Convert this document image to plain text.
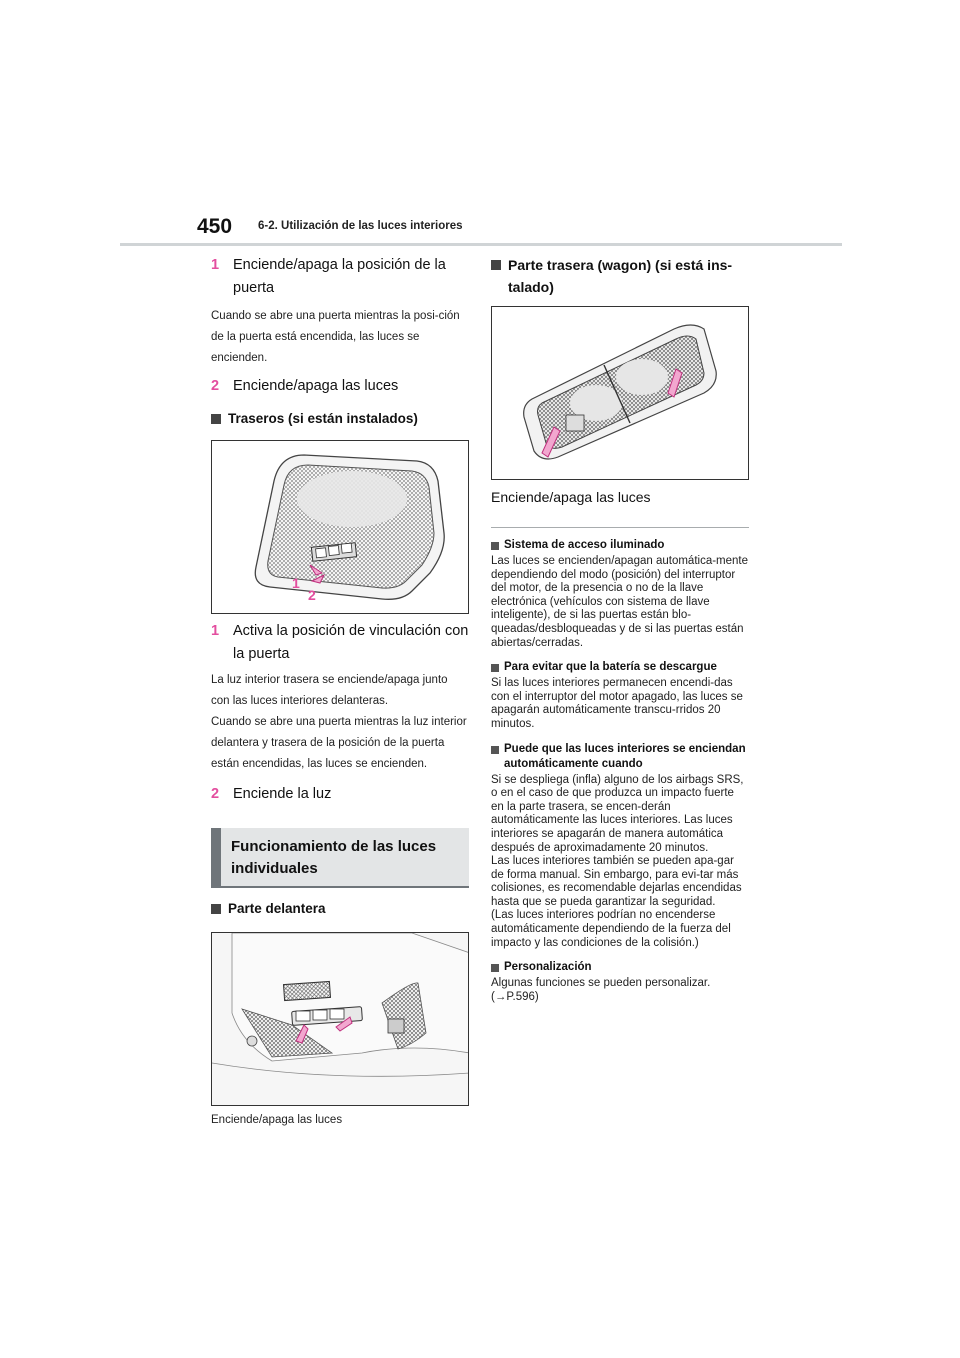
450 6-2. Utilización de las luces interiores
1 Enciende/apaga la posición de la puerta
Cuando se abre una puerta mientras la posi-ción de la puerta está encendida, las luces se encienden.
2 Enciende/apaga las luces
Traseros (si están instalados)
1
2
1 Activa la posición de vinculación con la puerta
La luz interior trasera se enciende/apaga junto con las luces interiores delanteras.
Cuando se abre una puerta mientras la luz interior delantera y trasera de la posición de la puerta están encendidas, las luces se encienden.
2 Enciende la luz
Funcionamiento de las luces individuales
Parte delantera
Enciende/apaga las luces
Parte trasera (wagon) (si está ins-talado)
Enciende/apaga las luces
Sistema de acceso iluminado
Las luces se encienden/apagan automática-mente dependiendo del modo (posición) del interruptor del motor, de la presencia o no de la llave electrónica (vehículos con sistema de llave inteligente), de si las puertas están blo-queadas/desbloqueadas y de si las puertas están abiertas/cerradas.
Para evitar que la batería se descargue
Si las luces interiores permanecen encendi-das con el interruptor del motor apagado, las luces se apagarán automáticamente transcu-rridos 20 minutos.
Puede que las luces interiores se enciendan automáticamente cuando
Si se despliega (infla) alguno de los airbags SRS, o en el caso de que produzca un impacto fuerte en la parte trasera, se encen-derán automáticamente las luces interiores. Las luces interiores se apagarán de manera automática después de aproximadamente 20 minutos.
Las luces interiores también se pueden apa-gar de forma manual. Sin embargo, para evi-tar más colisiones, es recomendable dejarlas encendidas hasta que se pueda garantizar la seguridad.
(Las luces interiores podrían no encenderse automáticamente dependiendo de la fuerza del impacto y las condiciones de la colisión.)
Personalización
Algunas funciones se pueden personalizar. (→P.596)
